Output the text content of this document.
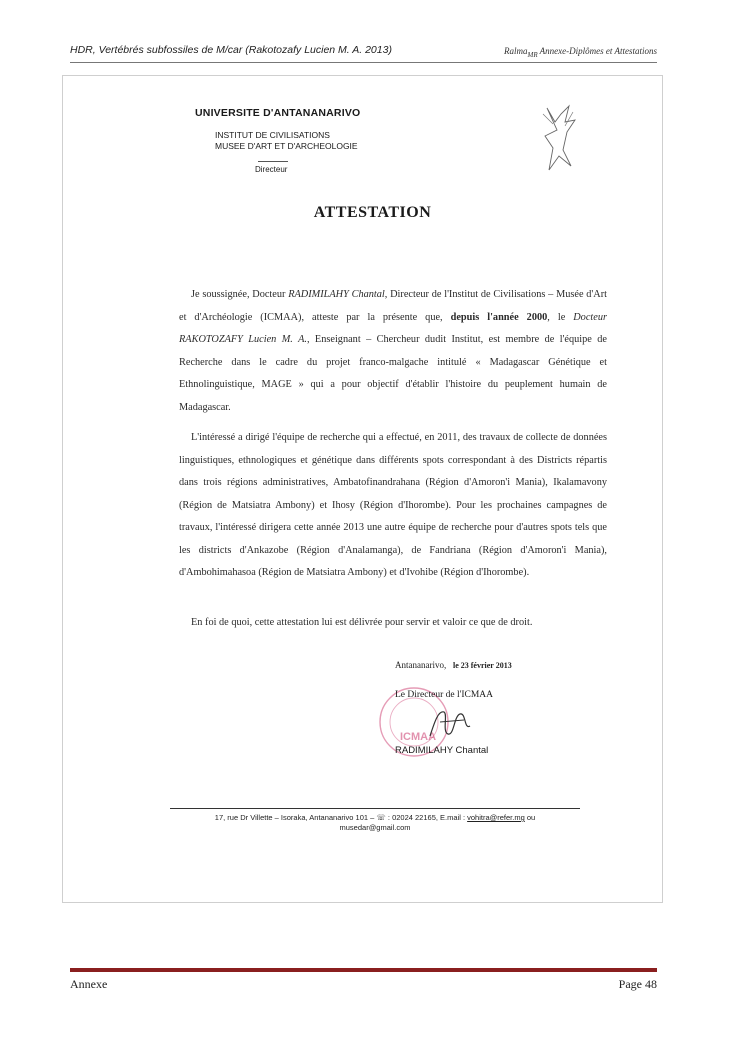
HDR, Vertébrés subfossiles de M/car (Rakotozafy Lucien M. A. 2013)	Ralma$_{MR}$ Annexe-Diplômes et Attestations
UNIVERSITE D'ANTANANARIVO
INSTITUT DE CIVILISATIONS
MUSEE D'ART ET D'ARCHEOLOGIE
Directeur
ATTESTATION
Je soussignée, Docteur RADIMILAHY Chantal, Directeur de l'Institut de Civilisations – Musée d'Art et d'Archéologie (ICMAA), atteste par la présente que, depuis l'année 2000, le Docteur RAKOTOZAFY Lucien M. A., Enseignant – Chercheur dudit Institut, est membre de l'équipe de Recherche dans le cadre du projet franco-malgache intitulé « Madagascar Génétique et Ethnolinguistique, MAGE » qui a pour objectif d'établir l'histoire du peuplement humain de Madagascar.
L'intéressé a dirigé l'équipe de recherche qui a effectué, en 2011, des travaux de collecte de données linguistiques, ethnologiques et génétique dans différents spots correspondant à des Districts répartis dans trois régions administratives, Ambatofinandrahana (Région d'Amoron'i Mania), Ikalamavony (Région de Matsiatra Ambony) et Ihosy (Région d'Ihorombe). Pour les prochaines campagnes de travaux, l'intéressé dirigera cette année 2013 une autre équipe de recherche pour d'autres spots tels que les districts d'Ankazobe (Région d'Analamanga), de Fandriana (Région d'Amoron'i Mania), d'Ambohimahasoa (Région de Matsiatra Ambony) et d'Ivohibe (Région d'Ihorombe).
En foi de quoi, cette attestation lui est délivrée pour servir et valoir ce que de droit.
Antananarivo, le 23 février 2013
ICMAA
Le Directeur de l'ICMAA
RADIMILAHY Chantal
17, rue Dr Villette – Isoraka, Antananarivo 101 – ☏ : 02024 22165, E.mail : vohitra@refer.mg ou
musedar@gmail.com
Annexe	Page 48
